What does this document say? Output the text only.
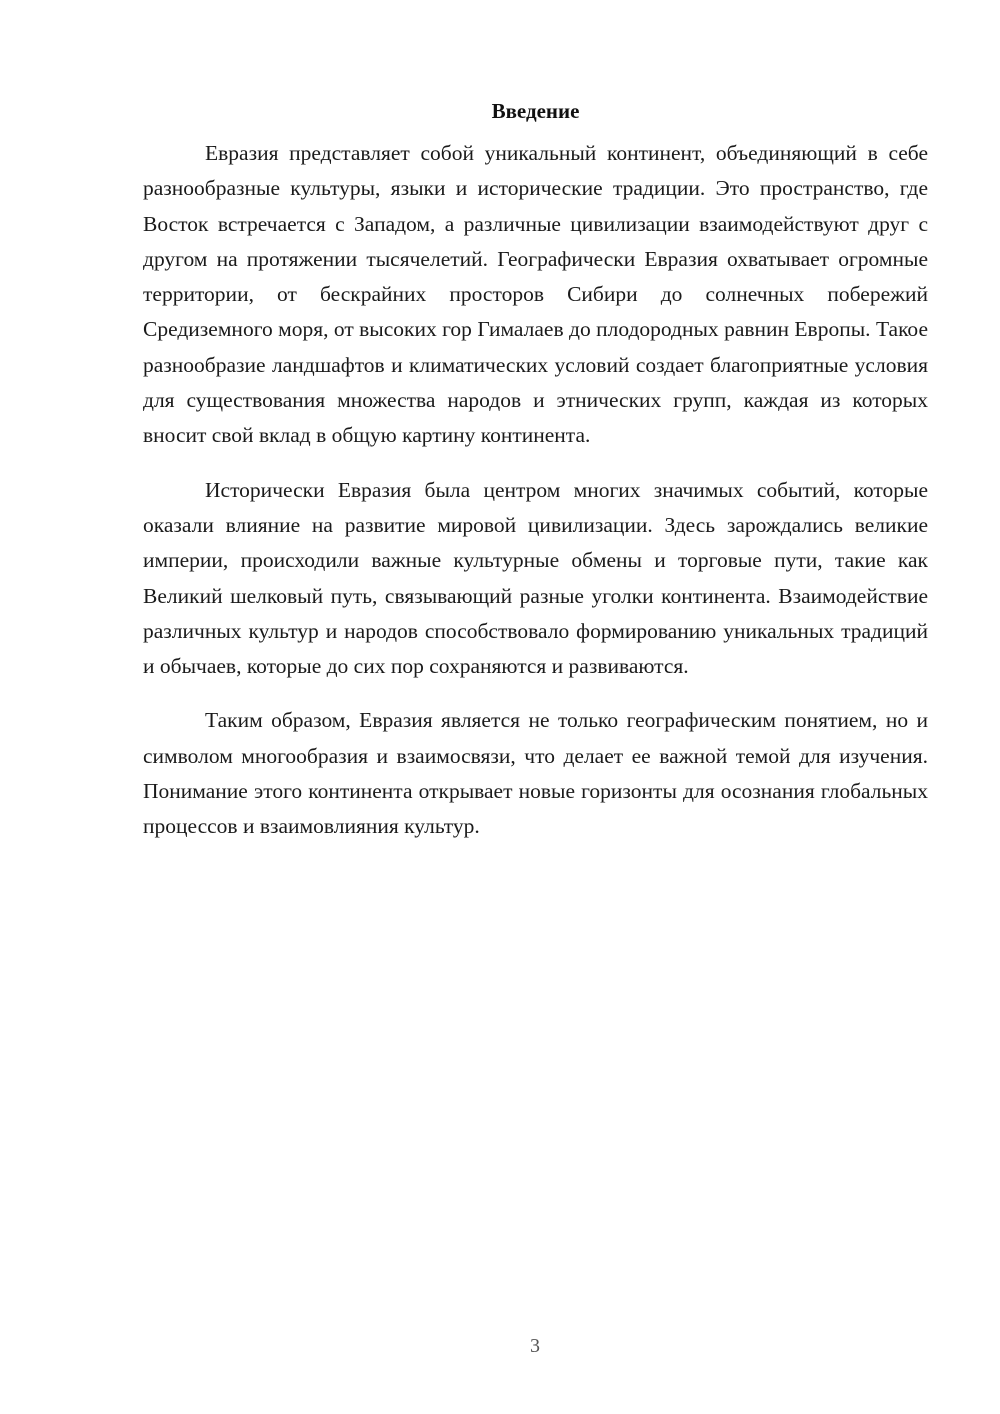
Введение

Евразия представляет собой уникальный континент, объединяющий в себе разнообразные культуры, языки и исторические традиции. Это пространство, где Восток встречается с Западом, а различные цивилизации взаимодействуют друг с другом на протяжении тысячелетий. Географически Евразия охватывает огромные территории, от бескрайних просторов Сибири до солнечных побережий Средиземного моря, от высоких гор Гималаев до плодородных равнин Европы. Такое разнообразие ландшафтов и климатических условий создает благоприятные условия для существования множества народов и этнических групп, каждая из которых вносит свой вклад в общую картину континента.

Исторически Евразия была центром многих значимых событий, которые оказали влияние на развитие мировой цивилизации. Здесь зарождались великие империи, происходили важные культурные обмены и торговые пути, такие как Великий шелковый путь, связывающий разные уголки континента. Взаимодействие различных культур и народов способствовало формированию уникальных традиций и обычаев, которые до сих пор сохраняются и развиваются.

Таким образом, Евразия является не только географическим понятием, но и символом многообразия и взаимосвязи, что делает ее важной темой для изучения. Понимание этого континента открывает новые горизонты для осознания глобальных процессов и взаимовлияния культур.

3
